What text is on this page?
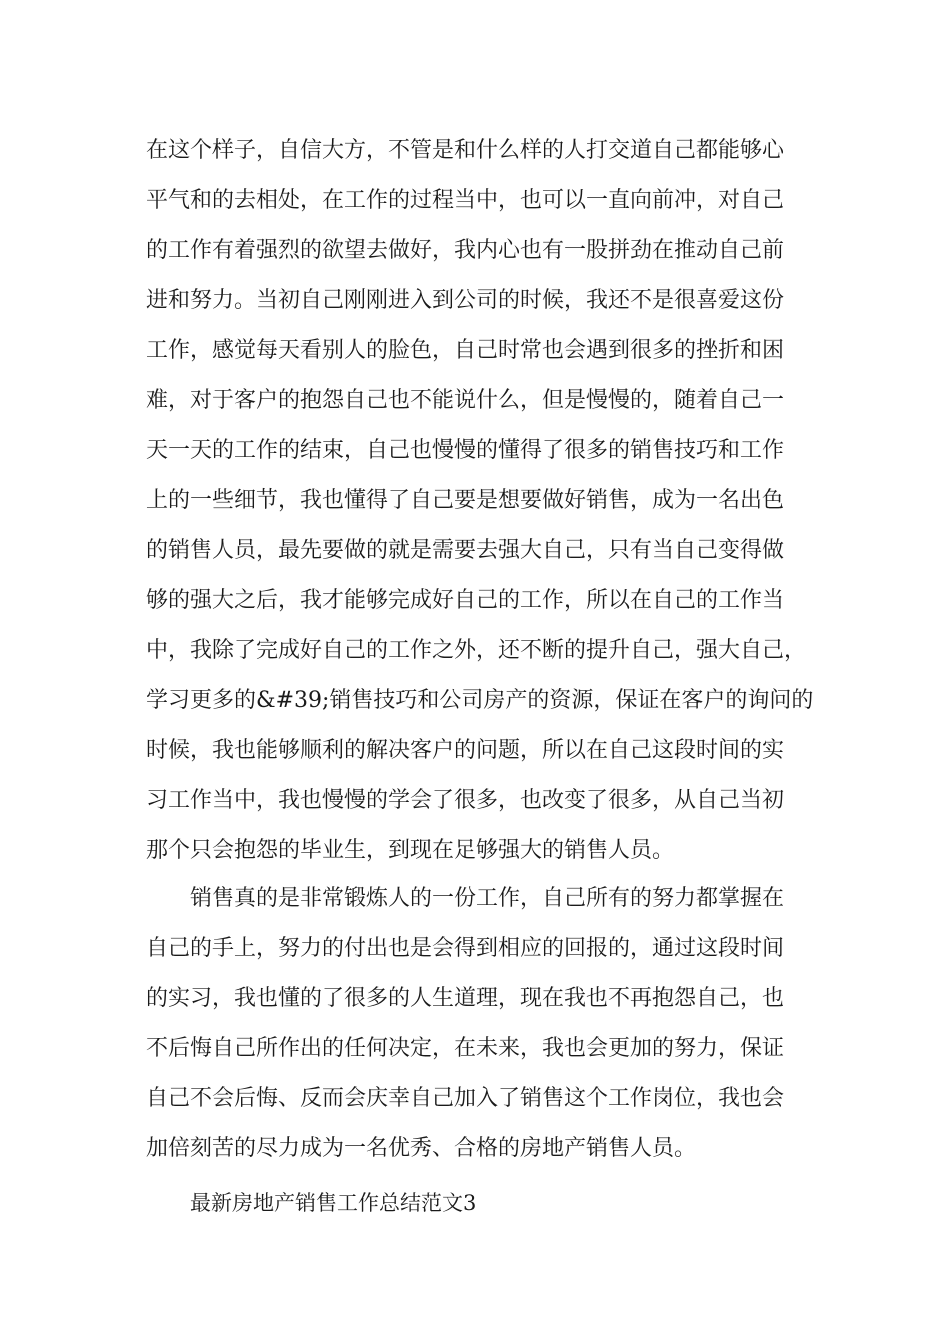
在这个样子，自信大方，不管是和什么样的人打交道自己都能够心
平气和的去相处，在工作的过程当中，也可以一直向前冲，对自己
的工作有着强烈的欲望去做好，我内心也有一股拼劲在推动自己前
进和努力。当初自己刚刚进入到公司的时候，我还不是很喜爱这份
工作，感觉每天看别人的脸色，自己时常也会遇到很多的挫折和困
难，对于客户的抱怨自己也不能说什么，但是慢慢的，随着自己一
天一天的工作的结束，自己也慢慢的懂得了很多的销售技巧和工作
上的一些细节，我也懂得了自己要是想要做好销售，成为一名出色
的销售人员，最先要做的就是需要去强大自己，只有当自己变得做
够的强大之后，我才能够完成好自己的工作，所以在自己的工作当
中，我除了完成好自己的工作之外，还不断的提升自己，强大自己，
学习更多的&#39;销售技巧和公司房产的资源，保证在客户的询问的
时候，我也能够顺利的解决客户的问题，所以在自己这段时间的实
习工作当中，我也慢慢的学会了很多，也改变了很多，从自己当初
那个只会抱怨的毕业生，到现在足够强大的销售人员。
销售真的是非常锻炼人的一份工作，自己所有的努力都掌握在
自己的手上，努力的付出也是会得到相应的回报的，通过这段时间
的实习，我也懂的了很多的人生道理，现在我也不再抱怨自己，也
不后悔自己所作出的任何决定，在未来，我也会更加的努力，保证
自己不会后悔、反而会庆幸自己加入了销售这个工作岗位，我也会
加倍刻苦的尽力成为一名优秀、合格的房地产销售人员。
最新房地产销售工作总结范文3
